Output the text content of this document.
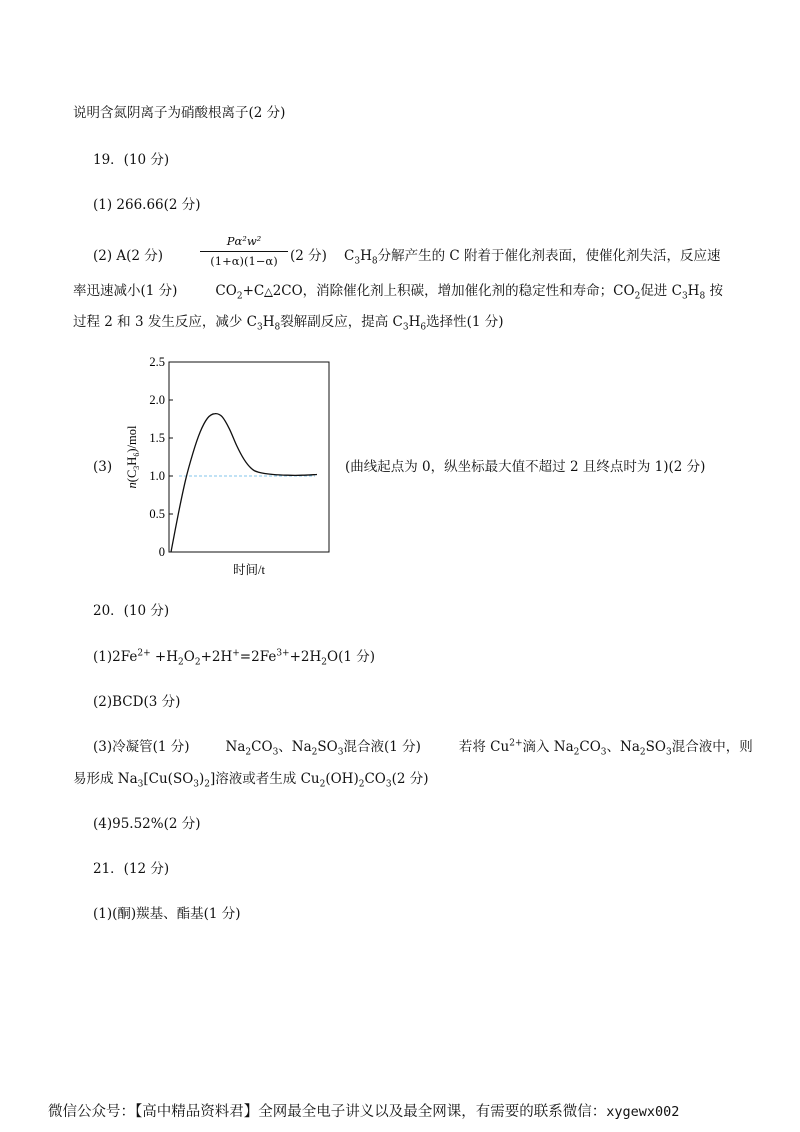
说明含氮阴离子为硝酸根离子(2 分)
19．(10 分)
(1) 266.66(2 分)
(2) A(2 分)
Pα²w²
(1+α)(1−α) (2 分) $C_3H_8$分解产生的 C 附着于催化剂表面，使催化剂失活，反应速
率迅速减小(1 分)	$CO_2+C\triangle 2CO$，消除催化剂上积碳，增加催化剂的稳定性和寿命；$CO_2$促进 $C_3H_8$ 按
过程 2 和 3 发生反应，减少 $C_3H_8$裂解副反应，提高 $C_3H_6$选择性(1 分)
(3)
0
0.5
1.0
1.5
2.0
2.5
$n(C_3H_6)$/mol
时间/t
(曲线起点为 0，纵坐标最大值不超过 2 且终点时为 1)(2 分)
20．(10 分)
$(1)2Fe^{2+} +H_2O_2+2H^+=2Fe^{3+}+2H_2O(1$ 分)
(2)BCD(3 分)
(3)冷凝管(1 分)	$Na_2CO_3$、$Na_2SO_3$混合液(1 分)	若将 $Cu^{2+}$滴入 $Na_2CO_3$、$Na_2SO_3$混合液中，则
易形成 $Na_3[Cu(SO_3)_2]$溶液或者生成 $Cu_2(OH)_2CO_3(2$ 分)
(4)95.52%(2 分)
21．(12 分)
(1)(酮)羰基、酯基(1 分)
微信公众号：【高中精品资料君】全网最全电子讲义以及最全网课，有需要的联系微信：xygewx002
